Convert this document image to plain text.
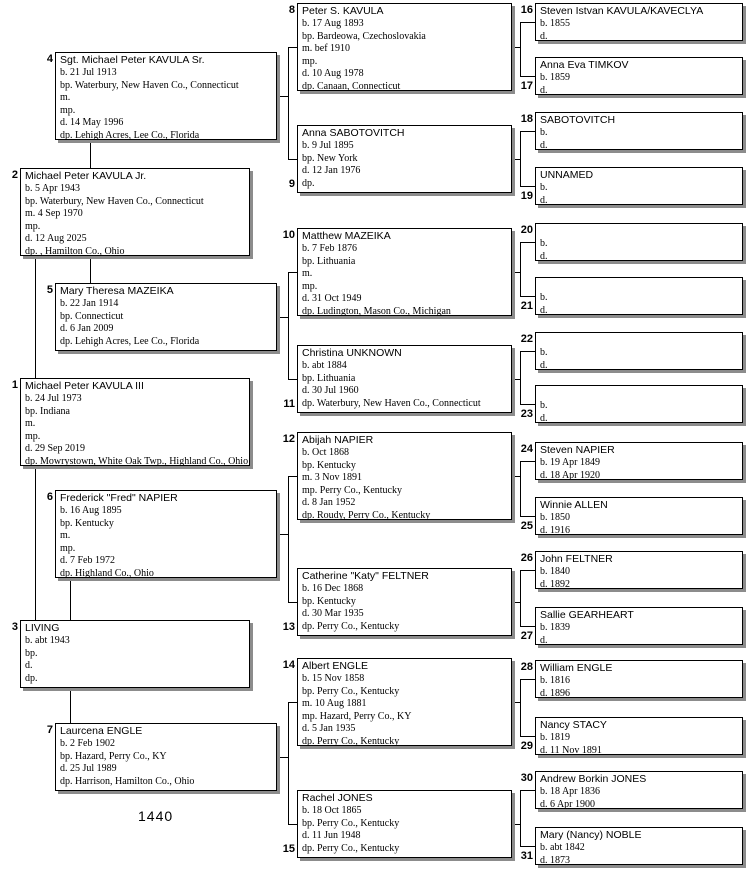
Michael Peter KAVULA III
b. 24 Jul 1973
bp. Indiana
m.
mp.
d. 29 Sep 2019
dp. Mowrystown, White Oak Twp., Highland Co., Ohio
1
Michael Peter KAVULA Jr.
b. 5 Apr 1943
bp. Waterbury, New Haven Co., Connecticut
m. 4 Sep 1970
mp.
d. 12 Aug 2025
dp. , Hamilton Co., Ohio
2
LIVING
b. abt 1943
bp.
d.
dp.
3
Sgt. Michael Peter KAVULA Sr.
b. 21 Jul 1913
bp. Waterbury, New Haven Co., Connecticut
m.
mp.
d. 14 May 1996
dp. Lehigh Acres, Lee Co., Florida
4
Mary Theresa MAZEIKA
b. 22 Jan 1914
bp. Connecticut
d. 6 Jan 2009
dp. Lehigh Acres, Lee Co., Florida
5
Frederick "Fred" NAPIER
b. 16 Aug 1895
bp. Kentucky
m.
mp.
d. 7 Feb 1972
dp. Highland Co., Ohio
6
Laurcena ENGLE
b. 2 Feb 1902
bp. Hazard, Perry Co., KY
d. 25 Jul 1989
dp. Harrison, Hamilton Co., Ohio
7
Peter S. KAVULA
b. 17 Aug 1893
bp. Bardeowa, Czechoslovakia
m. bef 1910
mp.
d. 10 Aug 1978
dp. Canaan, Connecticut
8
Anna SABOTOVITCH
b. 9 Jul 1895
bp. New York
d. 12 Jan 1976
dp.
9
Matthew MAZEIKA
b. 7 Feb 1876
bp. Lithuania
m.
mp.
d. 31 Oct 1949
dp. Ludington, Mason Co., Michigan
10
Christina UNKNOWN
b. abt 1884
bp. Lithuania
d. 30 Jul 1960
dp. Waterbury, New Haven Co., Connecticut
11
Abijah NAPIER
b. Oct 1868
bp. Kentucky
m. 3 Nov 1891
mp. Perry Co., Kentucky
d. 8 Jan 1952
dp. Roudy, Perry Co., Kentucky
12
Catherine "Katy" FELTNER
b. 16 Dec 1868
bp. Kentucky
d. 30 Mar 1935
dp. Perry Co., Kentucky
13
Albert ENGLE
b. 15 Nov 1858
bp. Perry Co., Kentucky
m. 10 Aug 1881
mp. Hazard, Perry Co., KY
d. 5 Jan 1935
dp. Perry Co., Kentucky
14
Rachel JONES
b. 18 Oct 1865
bp. Perry Co., Kentucky
d. 11 Jun 1948
dp. Perry Co., Kentucky
15
Steven Istvan KAVULA/KAVECLYA
b. 1855
d.
16
Anna Eva TIMKOV
b. 1859
d.
17
SABOTOVITCH
b.
d.
18
UNNAMED
b.
d.
19
b.
d.
20
b.
d.
21
b.
d.
22
b.
d.
23
Steven NAPIER
b. 19 Apr 1849
d. 18 Apr 1920
24
Winnie ALLEN
b. 1850
d. 1916
25
John FELTNER
b. 1840
d. 1892
26
Sallie GEARHEART
b. 1839
d.
27
William ENGLE
b. 1816
d. 1896
28
Nancy STACY
b. 1819
d. 11 Nov 1891
29
Andrew Borkin JONES
b. 18 Apr 1836
d. 6 Apr 1900
30
Mary (Nancy) NOBLE
b. abt 1842
d. 1873
31
1440
